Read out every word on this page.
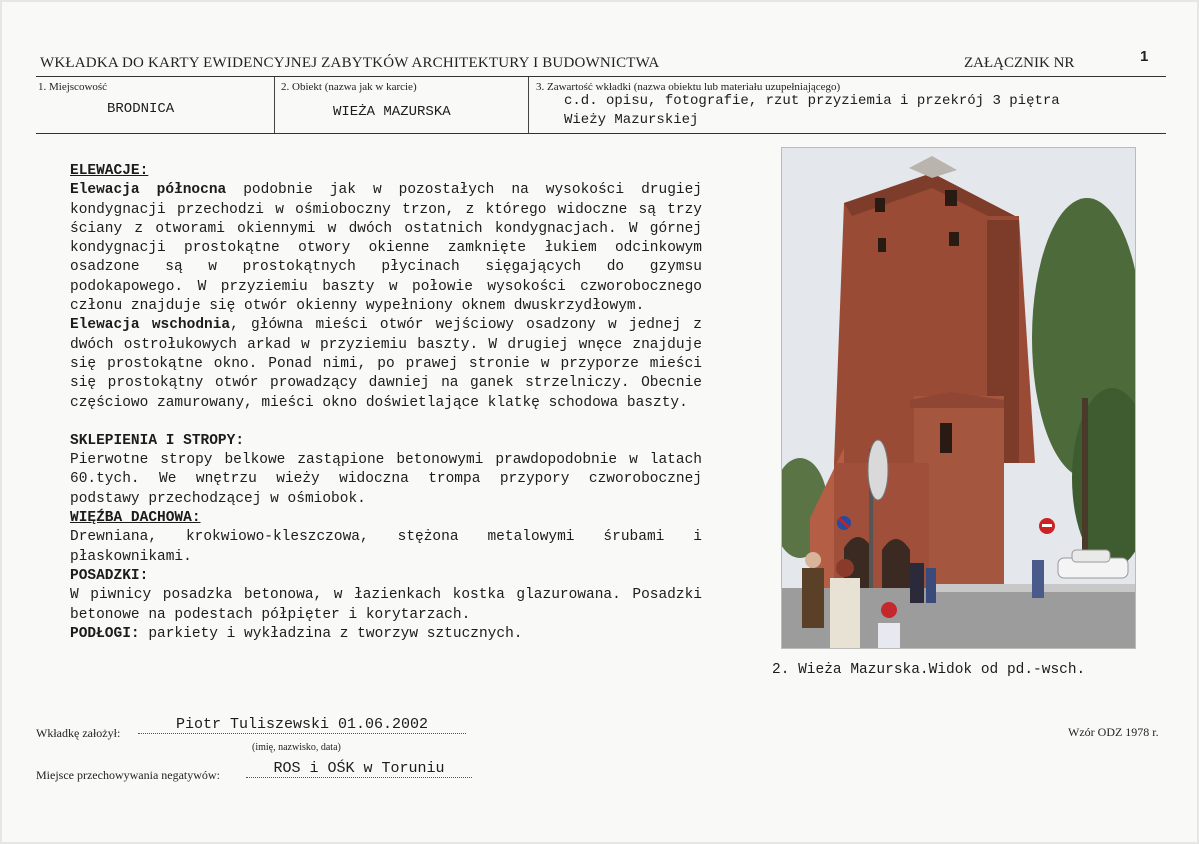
WKŁADKA DO KARTY EWIDENCYJNEJ ZABYTKÓW ARCHITEKTURY I BUDOWNICTWA	ZAŁĄCZNIK NR	1
1. Miejscowość
BRODNICA
2. Obiekt (nazwa jak w karcie)
WIEŻA MAZURSKA
3. Zawartość wkładki (nazwa obiektu lub materiału uzupełniającego)
c.d. opisu, fotografie, rzut przyziemia i przekrój 3 piętra
Wieży Mazurskiej

ELEWACJE:

Elewacja północna podobnie jak w pozostałych na wysokości drugiej kondygnacji przechodzi w ośmioboczny trzon, z którego widoczne są trzy ściany z otworami okiennymi w dwóch ostatnich kondygnacjach. W górnej kondygnacji prostokątne otwory okienne zamknięte łukiem odcinkowym osadzone są w prostokątnych płycinach sięgających do gzymsu podokapowego. W przyziemiu baszty w połowie wysokości czworobocznego członu znajduje się otwór okienny wypełniony oknem dwuskrzydłowym.

Elewacja wschodnia, główna mieści otwór wejściowy osadzony w jednej z dwóch ostrołukowych arkad w przyziemiu baszty. W drugiej wnęce znajduje się prostokątne okno. Ponad nimi, po prawej stronie w przyporze mieści się prostokątny otwór prowadzący dawniej na ganek strzelniczy. Obecnie częściowo zamurowany, mieści okno doświetlające klatkę schodowa baszty.

SKLEPIENIA I STROPY:

Pierwotne stropy belkowe zastąpione betonowymi prawdopodobnie w latach 60.tych. We wnętrzu wieży widoczna trompa przypory czworobocznej podstawy przechodzącej w ośmiobok.

WIĘŹBA DACHOWA:

Drewniana, krokwiowo-kleszczowa, stężona metalowymi śrubami i płaskownikami.

POSADZKI:

W piwnicy posadzka betonowa, w łazienkach kostka glazurowana. Posadzki betonowe na podestach półpięter i korytarzach.

PODŁOGI: parkiety i wykładzina z tworzyw sztucznych.

2. Wieża Mazurska.Widok od pd.-wsch.
Wkładkę założył:	Piotr Tuliszewski 01.06.2002
(imię, nazwisko, data)
Miejsce przechowywania negatywów:	ROS i OŚK w Toruniu
Wzór ODZ 1978 r.
